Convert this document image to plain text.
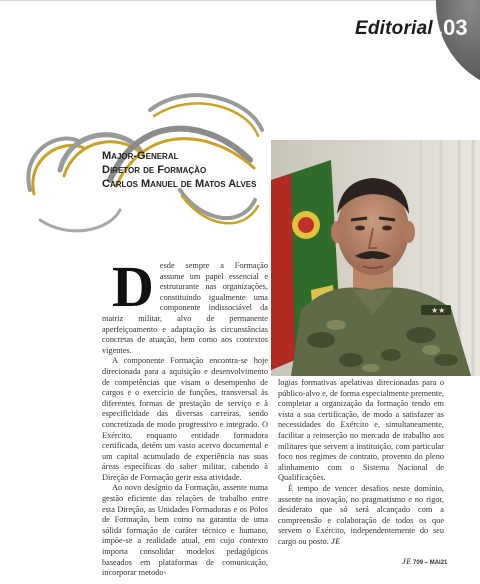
Editorial .03
Major-General
Diretor de Formação
Carlos Manuel de Matos Alves
★★

Desde sempre a Formação assume um papel essencial e estruturante nas organizações, constituindo igualmente uma componente indissociável da matriz militar, alvo de permanente aperfeiçoamento e adaptação às circunstâncias concretas de atuação, bem como aos contextos vigentes.

A componente Formação encontra-se hoje direcionada para a aquisição e desenvolvimento de competências que visam o desempenho de cargos e o exercício de funções, transversal às diferentes formas de prestação de serviço e à especificidade das diversas carreiras, sendo concretizada de modo progressivo e integrado. O Exército, enquanto entidade formadora certificada, detém um vasto acervo documental e um capital acumulado de experiência nas suas áreas específicas do saber militar, cabendo à Direção de Formação gerir essa atividade.

Ao novo desígnio da Formação, assente numa gestão eficiente das relações de trabalho entre esta Direção, as Unidades Formadoras e os Polos de Formação, bem como na garantia de uma sólida formação de caráter técnico e humano, impõe-se a realidade atual, em cujo contexto importa consolidar modelos pedagógicos baseados em plataformas de comunicação, incorporar metodo-

logias formativas apelativas direcionadas para o público-alvo e, de forma especialmente premente, completar a organização da formação tendo em vista a sua certificação, de modo a satisfazer as necessidades do Exército e, simultaneamente, facilitar a reinserção no mercado de trabalho aos militares que servem a instituição, com particular foco nos regimes de contrato, provento do pleno alinhamento com o Sistema Nacional de Qualificações.

É tempo de vencer desafios neste domínio, assente na inovação, no pragmatismo e no rigor, desiderato que só será alcançado com a compreensão e colaboração de todos os que servem o Exército, independentemente do seu cargo ou posto. JE

JE 709 – MAI21
